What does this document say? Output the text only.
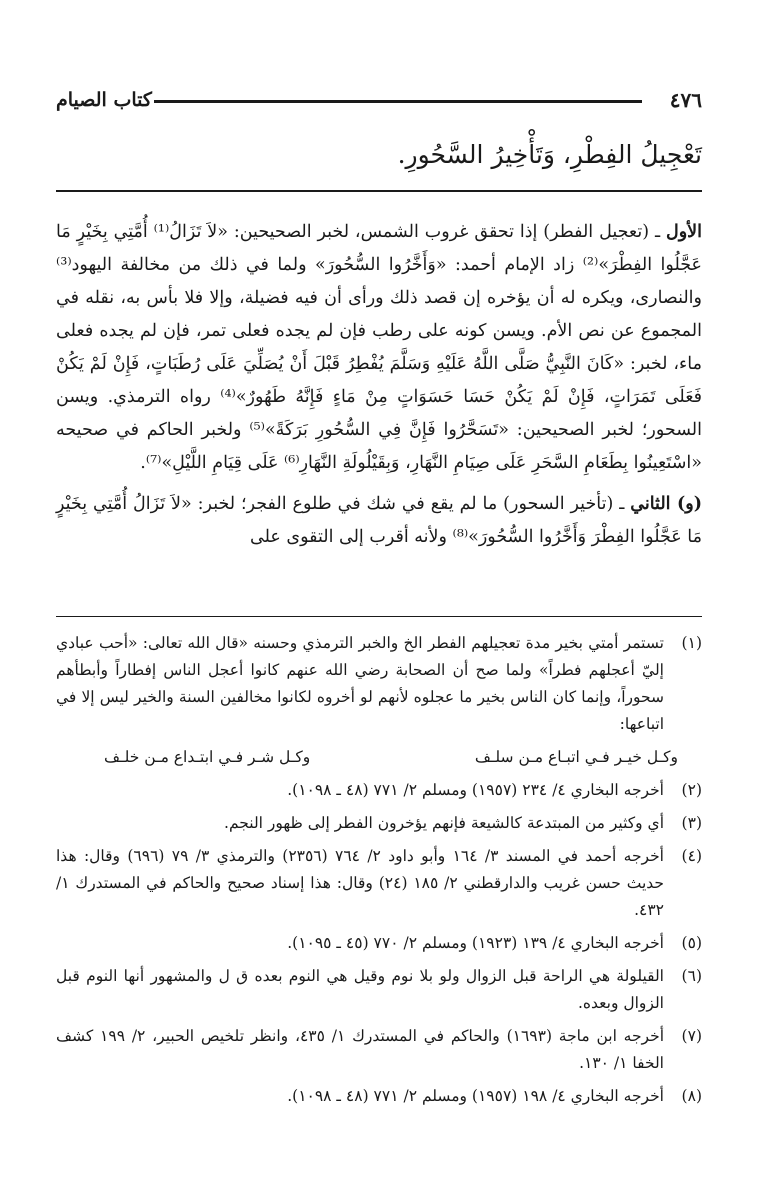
٤٧٦
كتاب الصيام
تَعْجِيلُ الفِطْرِ، وَتَأْخِيرُ السَّحُورِ.

الأول ـ (تعجيل الفطر) إذا تحقق غروب الشمس، لخبر الصحيحين: «لاَ تَزَالُ⁽¹⁾ أُمَّتِي بِخَيْرٍ مَا عَجَّلُوا الفِطْرَ»⁽²⁾ زاد الإمام أحمد: «وَأَخَّرُوا السُّحُورَ» ولما في ذلك من مخالفة اليهود⁽³⁾ والنصارى، ويكره له أن يؤخره إن قصد ذلك ورأى أن فيه فضيلة، وإلا فلا بأس به، نقله في المجموع عن نص الأم. ويسن كونه على رطب فإن لم يجده فعلى تمر، فإن لم يجده فعلى ماء، لخبر: «كَانَ النَّبِيُّ صَلَّى اللَّهُ عَلَيْهِ وَسَلَّمَ يُفْطِرُ قَبْلَ أَنْ يُصَلِّيَ عَلَى رُطَبَاتٍ، فَإِنْ لَمْ يَكُنْ فَعَلَى تَمَرَاتٍ، فَإِنْ لَمْ يَكُنْ حَسَا حَسَوَاتٍ مِنْ مَاءٍ فَإِنَّهُ طَهُورٌ»⁽⁴⁾ رواه الترمذي. ويسن السحور؛ لخبر الصحيحين: «تَسَحَّرُوا فَإِنَّ فِي السُّحُورِ بَرَكَةً»⁽⁵⁾ ولخبر الحاكم في صحيحه «اسْتَعِينُوا بِطَعَامِ السَّحَرِ عَلَى صِيَامِ النَّهَارِ، وَبِقَيْلُولَةِ النَّهَارِ⁽⁶⁾ عَلَى قِيَامِ اللَّيْلِ»⁽⁷⁾.

(و) الثاني ـ (تأخير السحور) ما لم يقع في شك في طلوع الفجر؛ لخبر: «لاَ تَزَالُ أُمَّتِي بِخَيْرٍ مَا عَجَّلُوا الفِطْرَ وَأَخَّرُوا السُّحُورَ»⁽⁸⁾ ولأنه أقرب إلى التقوى على

(١)
تستمر أمتي بخير مدة تعجيلهم الفطر الخ والخبر الترمذي وحسنه «قال الله تعالى: «أحب عبادي إليّ أعجلهم فطراً» ولما صح أن الصحابة رضي الله عنهم كانوا أعجل الناس إفطاراً وأبطأهم سحوراً، وإنما كان الناس بخير ما عجلوه لأنهم لو أخروه لكانوا مخالفين السنة والخير ليس إلا في اتباعها:
وكـل خيـر فـي اتبـاع مـن سلـف
وكـل شـر فـي ابتـداع مـن خلـف
(٢)
أخرجه البخاري ٤/ ٢٣٤ (١٩٥٧) ومسلم ٢/ ٧٧١ (٤٨ ـ ١٠٩٨).
(٣)
أي وكثير من المبتدعة كالشيعة فإنهم يؤخرون الفطر إلى ظهور النجم.
(٤)
أخرجه أحمد في المسند ٣/ ١٦٤ وأبو داود ٢/ ٧٦٤ (٢٣٥٦) والترمذي ٣/ ٧٩ (٦٩٦) وقال: هذا حديث حسن غريب والدارقطني ٢/ ١٨٥ (٢٤) وقال: هذا إسناد صحيح والحاكم في المستدرك ١/ ٤٣٢.
(٥)
أخرجه البخاري ٤/ ١٣٩ (١٩٢٣) ومسلم ٢/ ٧٧٠ (٤٥ ـ ١٠٩٥).
(٦)
القيلولة هي الراحة قبل الزوال ولو بلا نوم وقيل هي النوم بعده ق ل والمشهور أنها النوم قبل الزوال وبعده.
(٧)
أخرجه ابن ماجة (١٦٩٣) والحاكم في المستدرك ١/ ٤٣٥، وانظر تلخيص الحبير، ٢/ ١٩٩ كشف الخفا ١/ ١٣٠.
(٨)
أخرجه البخاري ٤/ ١٩٨ (١٩٥٧) ومسلم ٢/ ٧٧١ (٤٨ ـ ١٠٩٨).
